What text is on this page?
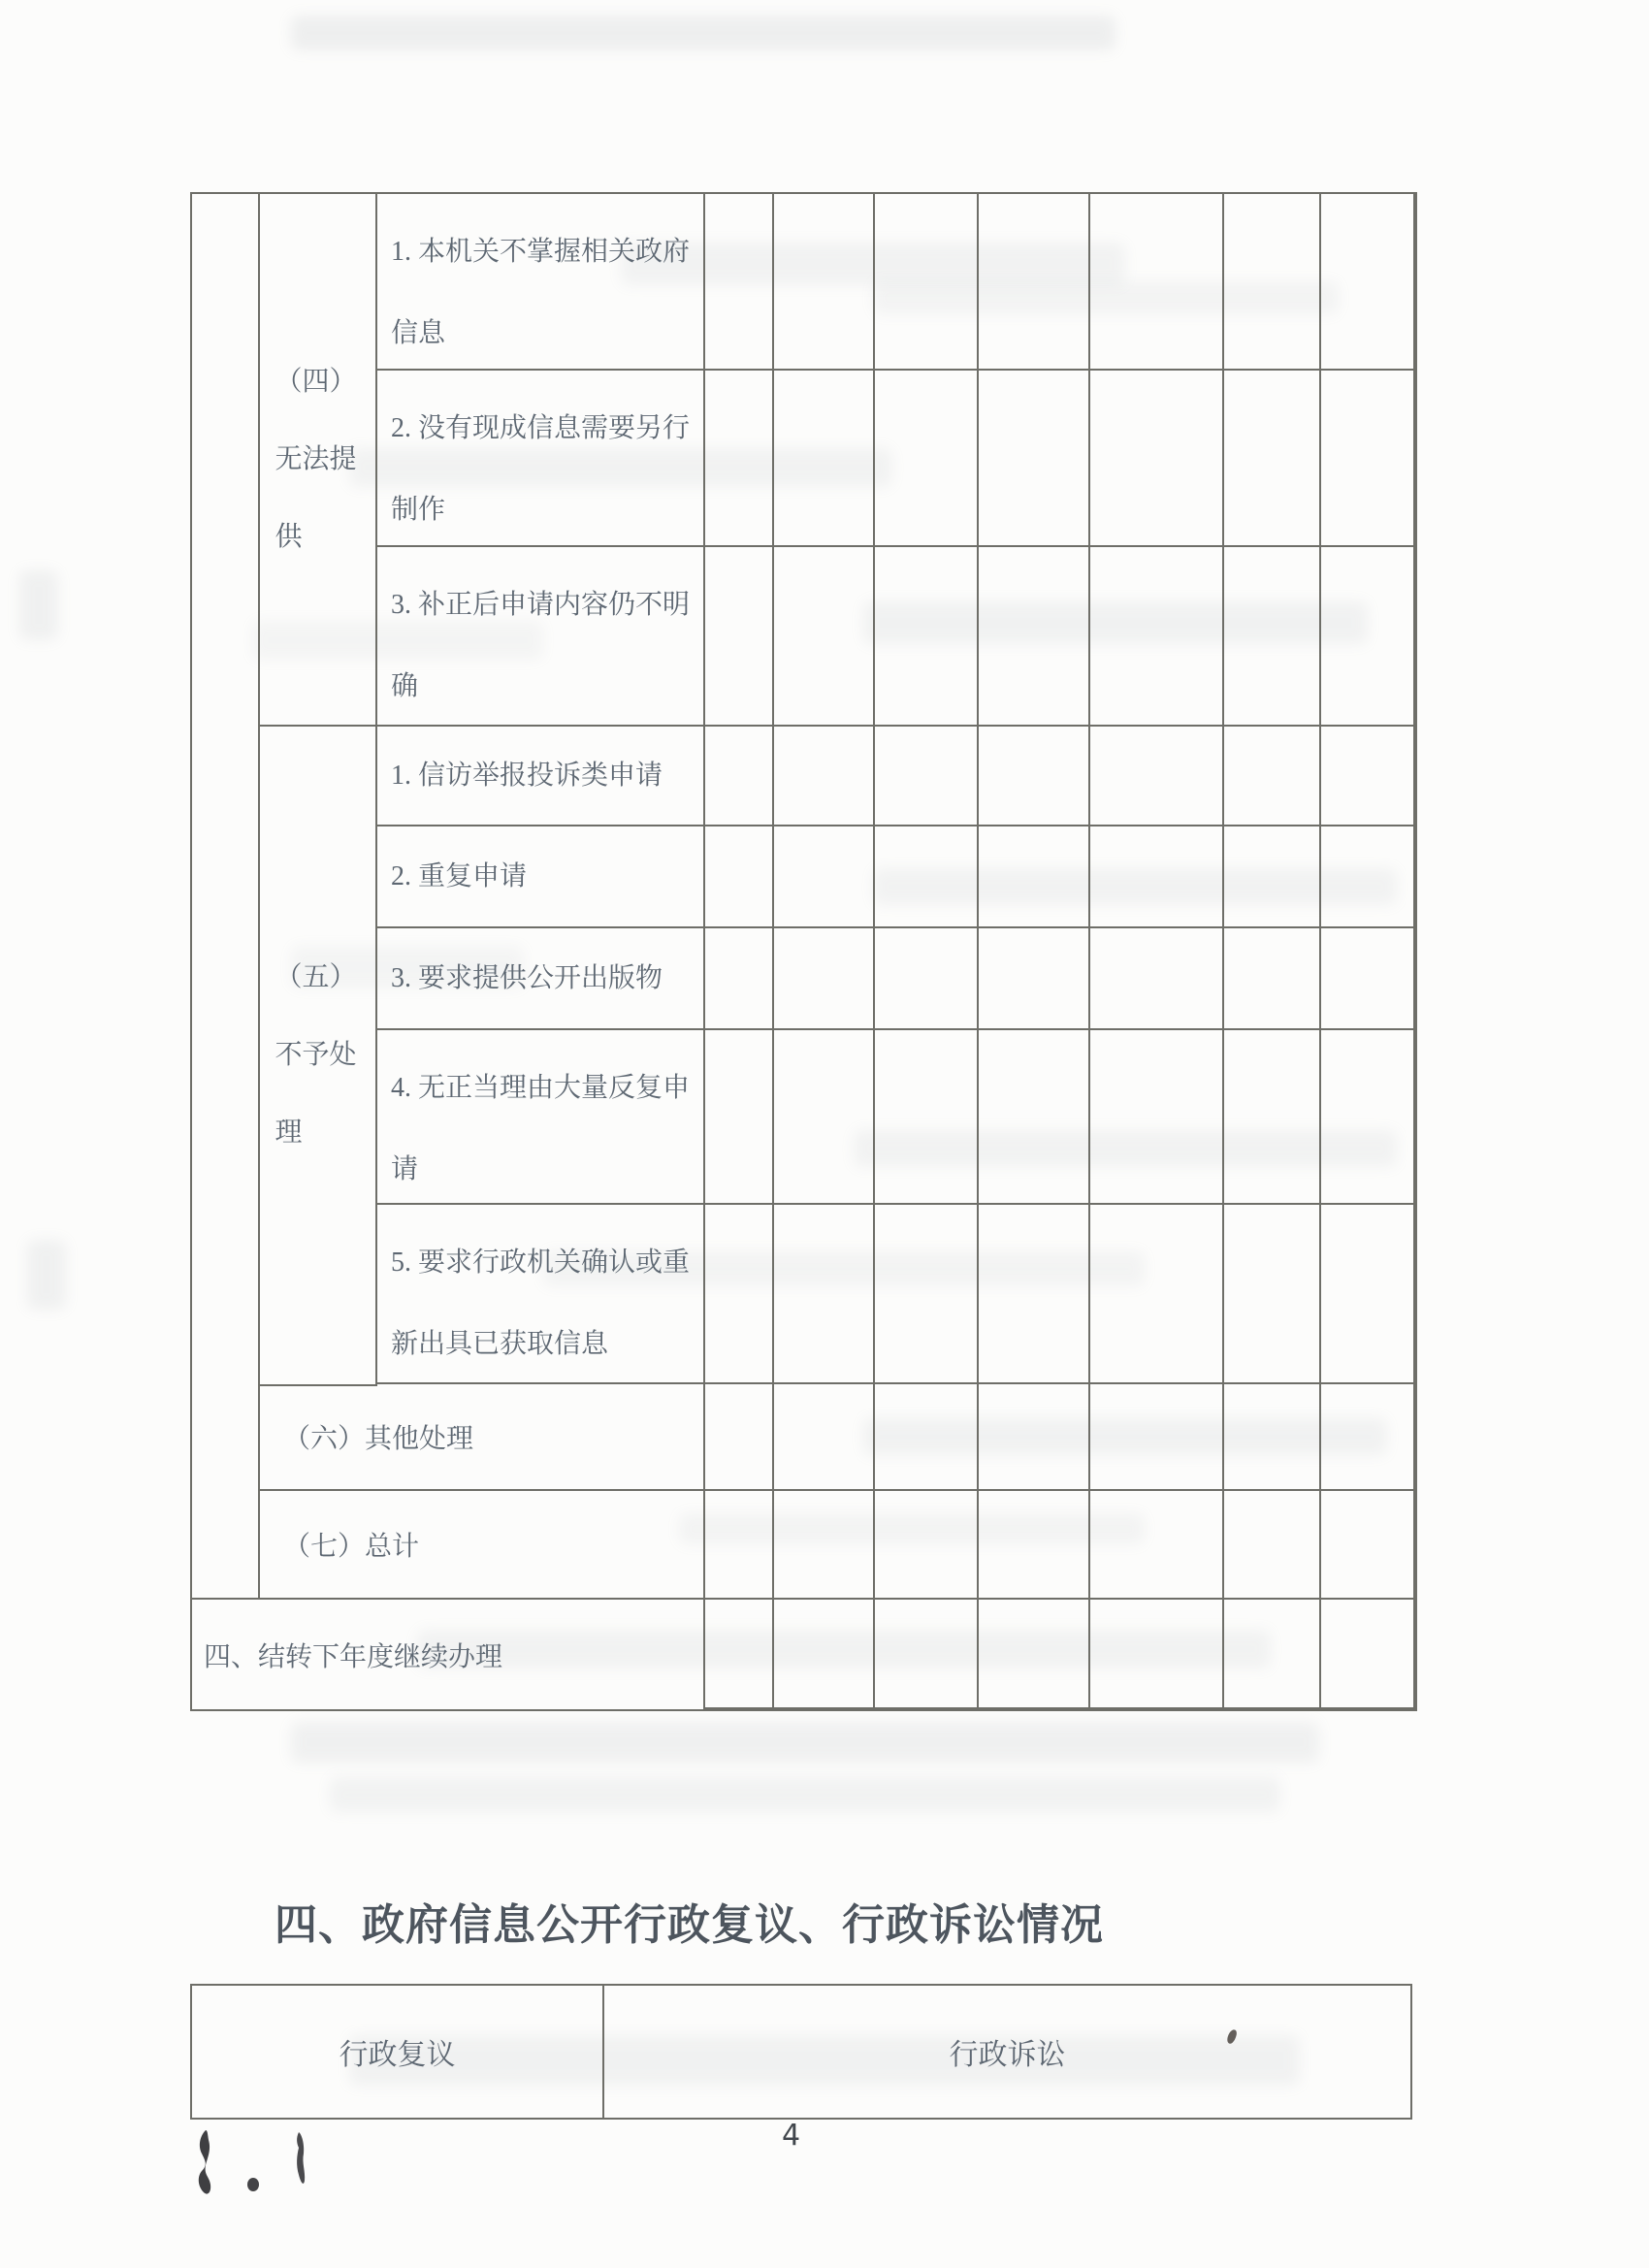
（四）无法提供
1. 本机关不掌握相关政府信息
2. 没有现成信息需要另行制作
3. 补正后申请内容仍不明确
（五）不予处理
1. 信访举报投诉类申请
2. 重复申请
3. 要求提供公开出版物
4. 无正当理由大量反复申请
5. 要求行政机关确认或重新出具已获取信息
（六）其他处理
（七）总计
四、结转下年度继续办理
四、政府信息公开行政复议、行政诉讼情况
行政复议	行政诉讼
4
